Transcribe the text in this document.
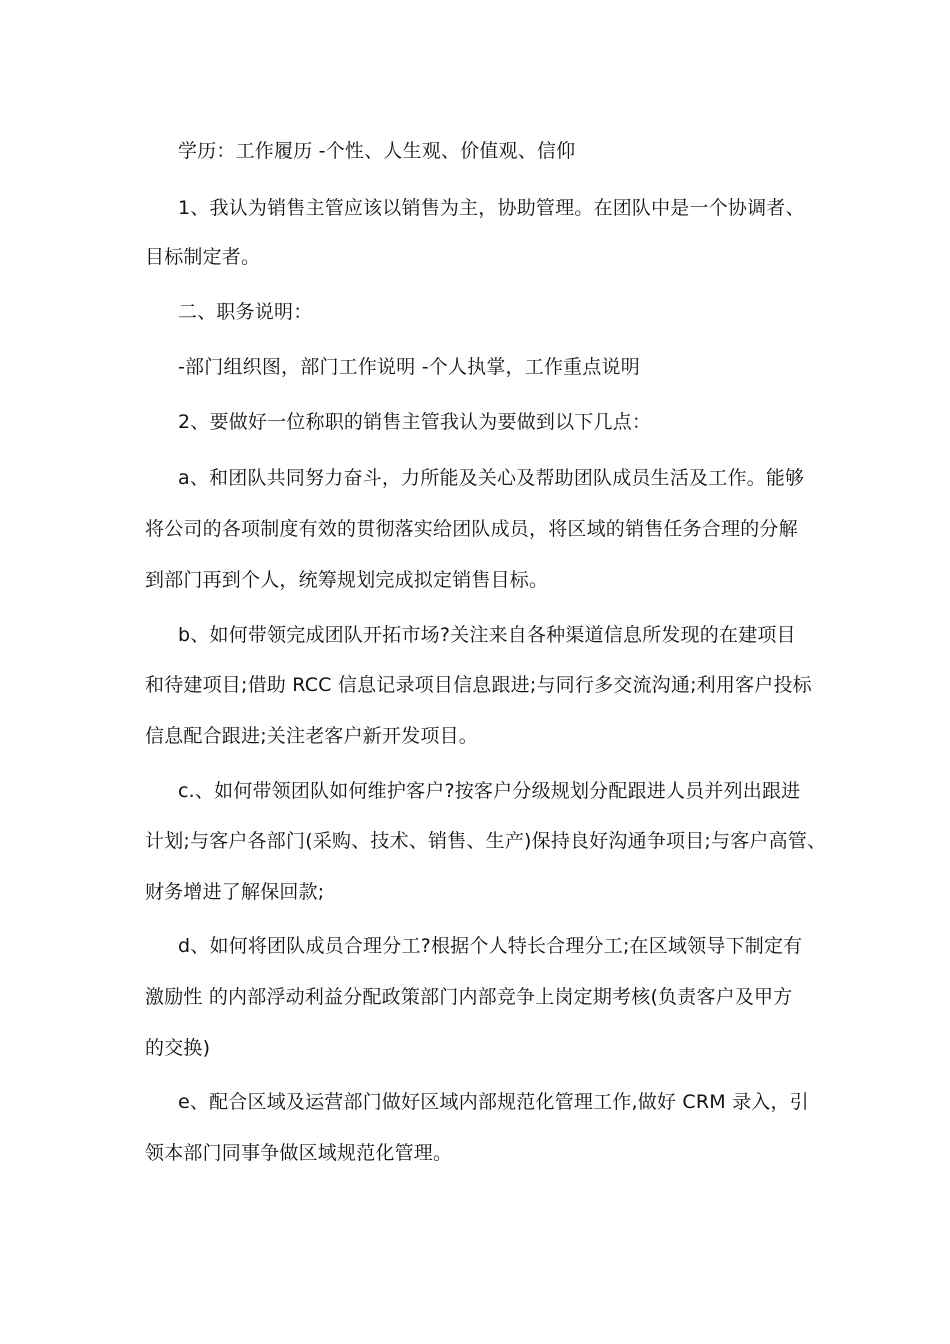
学历：工作履历 -个性、人生观、价值观、信仰
1、我认为销售主管应该以销售为主，协助管理。在团队中是一个协调者、
目标制定者。
二、职务说明：
-部门组织图，部门工作说明 -个人执掌，工作重点说明
2、要做好一位称职的销售主管我认为要做到以下几点：
a、和团队共同努力奋斗，力所能及关心及帮助团队成员生活及工作。能够
将公司的各项制度有效的贯彻落实给团队成员，将区域的销售任务合理的分解
到部门再到个人，统筹规划完成拟定销售目标。
b、如何带领完成团队开拓市场?关注来自各种渠道信息所发现的在建项目
和待建项目;借助 RCC 信息记录项目信息跟进;与同行多交流沟通;利用客户投标
信息配合跟进;关注老客户新开发项目。
c.、如何带领团队如何维护客户?按客户分级规划分配跟进人员并列出跟进
计划;与客户各部门(采购、技术、销售、生产)保持良好沟通争项目;与客户高管、
财务增进了解保回款;
d、如何将团队成员合理分工?根据个人特长合理分工;在区域领导下制定有
激励性 的内部浮动利益分配政策部门内部竞争上岗定期考核(负责客户及甲方
的交换)
e、配合区域及运营部门做好区域内部规范化管理工作,做好 CRM 录入，引
领本部门同事争做区域规范化管理。
